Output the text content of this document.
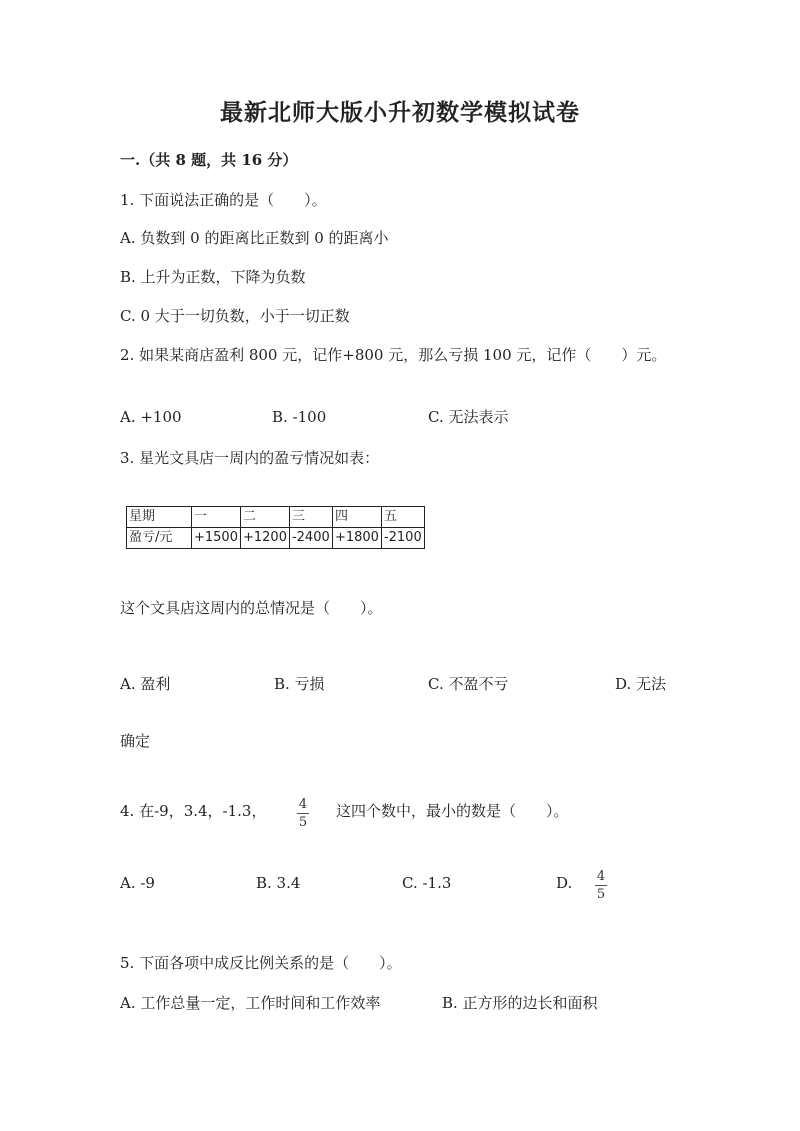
最新北师大版小升初数学模拟试卷
一.（共 8 题，共 16 分）
1. 下面说法正确的是（　　）。
A. 负数到 0 的距离比正数到 0 的距离小
B. 上升为正数，下降为负数
C. 0 大于一切负数，小于一切正数
2. 如果某商店盈利 800 元，记作+800 元，那么亏损 100 元，记作（　　）元。
A. +100	B. -100	C. 无法表示
3. 星光文具店一周内的盈亏情况如表：
星期	一	二	三	四	五
盈亏/元	+1500	+1200	-2400	+1800	-2100
这个文具店这周内的总情况是（　　）。
A. 盈利	B. 亏损	C. 不盈不亏	D. 无法
确定
4. 在-9，3.4，-1.3， 4
5
这四个数中，最小的数是（　　）。
A. -9	B. 3.4	C. -1.3	D. 4
5
5. 下面各项中成反比例关系的是（　　）。
A. 工作总量一定，工作时间和工作效率	B. 正方形的边长和面积
